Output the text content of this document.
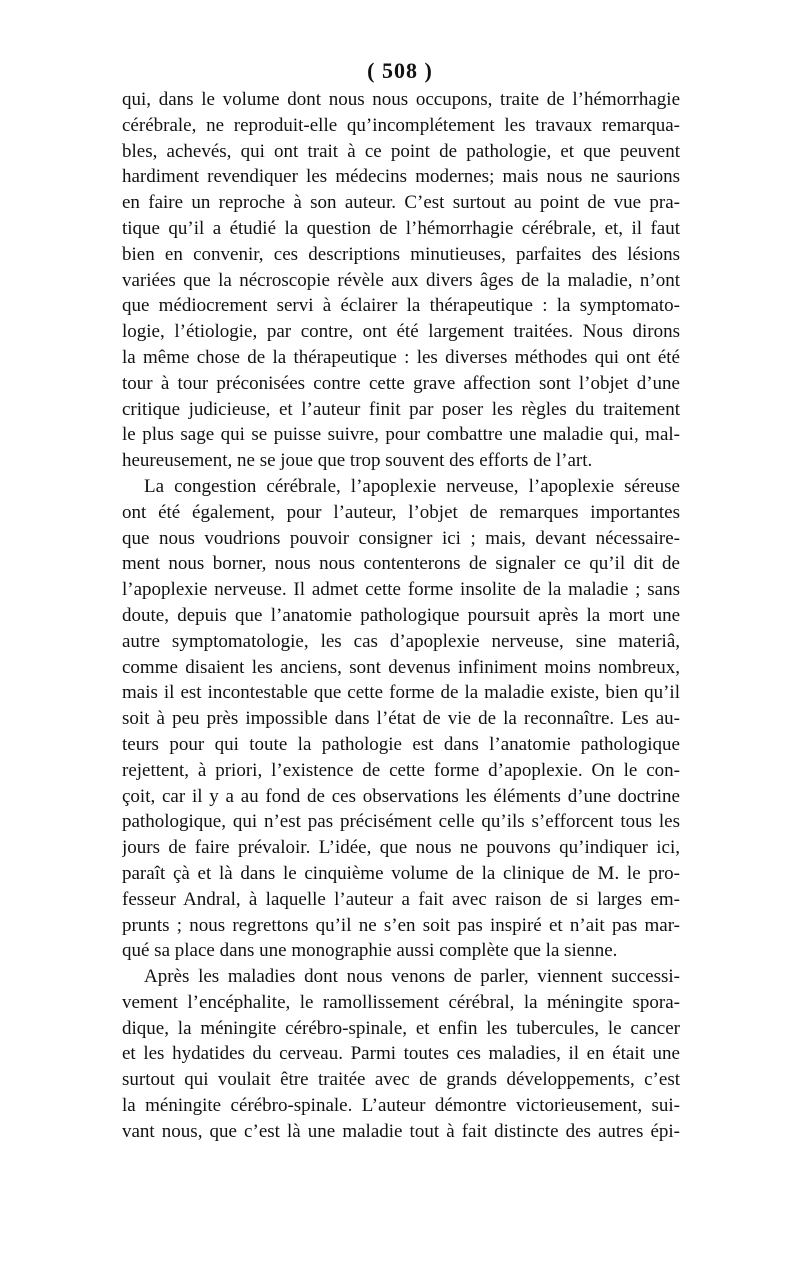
( 508 )
qui, dans le volume dont nous nous occupons, traite de l’hémorrhagie
cérébrale, ne reproduit-elle qu’incomplétement les travaux remarqua-
bles, achevés, qui ont trait à ce point de pathologie, et que peuvent
hardiment revendiquer les médecins modernes; mais nous ne saurions
en faire un reproche à son auteur. C’est surtout au point de vue pra-
tique qu’il a étudié la question de l’hémorrhagie cérébrale, et, il faut
bien en convenir, ces descriptions minutieuses, parfaites des lésions
variées que la nécroscopie révèle aux divers âges de la maladie, n’ont
que médiocrement servi à éclairer la thérapeutique : la symptomato-
logie, l’étiologie, par contre, ont été largement traitées. Nous dirons
la même chose de la thérapeutique : les diverses méthodes qui ont été
tour à tour préconisées contre cette grave affection sont l’objet d’une
critique judicieuse, et l’auteur finit par poser les règles du traitement
le plus sage qui se puisse suivre, pour combattre une maladie qui, mal-
heureusement, ne se joue que trop souvent des efforts de l’art.
La congestion cérébrale, l’apoplexie nerveuse, l’apoplexie séreuse
ont été également, pour l’auteur, l’objet de remarques importantes
que nous voudrions pouvoir consigner ici ; mais, devant nécessaire-
ment nous borner, nous nous contenterons de signaler ce qu’il dit de
l’apoplexie nerveuse. Il admet cette forme insolite de la maladie ; sans
doute, depuis que l’anatomie pathologique poursuit après la mort une
autre symptomatologie, les cas d’apoplexie nerveuse, sine materiâ,
comme disaient les anciens, sont devenus infiniment moins nombreux,
mais il est incontestable que cette forme de la maladie existe, bien qu’il
soit à peu près impossible dans l’état de vie de la reconnaître. Les au-
teurs pour qui toute la pathologie est dans l’anatomie pathologique
rejettent, à priori, l’existence de cette forme d’apoplexie. On le con-
çoit, car il y a au fond de ces observations les éléments d’une doctrine
pathologique, qui n’est pas précisément celle qu’ils s’efforcent tous les
jours de faire prévaloir. L’idée, que nous ne pouvons qu’indiquer ici,
paraît çà et là dans le cinquième volume de la clinique de M. le pro-
fesseur Andral, à laquelle l’auteur a fait avec raison de si larges em-
prunts ; nous regrettons qu’il ne s’en soit pas inspiré et n’ait pas mar-
qué sa place dans une monographie aussi complète que la sienne.
Après les maladies dont nous venons de parler, viennent successi-
vement l’encéphalite, le ramollissement cérébral, la méningite spora-
dique, la méningite cérébro-spinale, et enfin les tubercules, le cancer
et les hydatides du cerveau. Parmi toutes ces maladies, il en était une
surtout qui voulait être traitée avec de grands développements, c’est
la méningite cérébro-spinale. L’auteur démontre victorieusement, sui-
vant nous, que c’est là une maladie tout à fait distincte des autres épi-
